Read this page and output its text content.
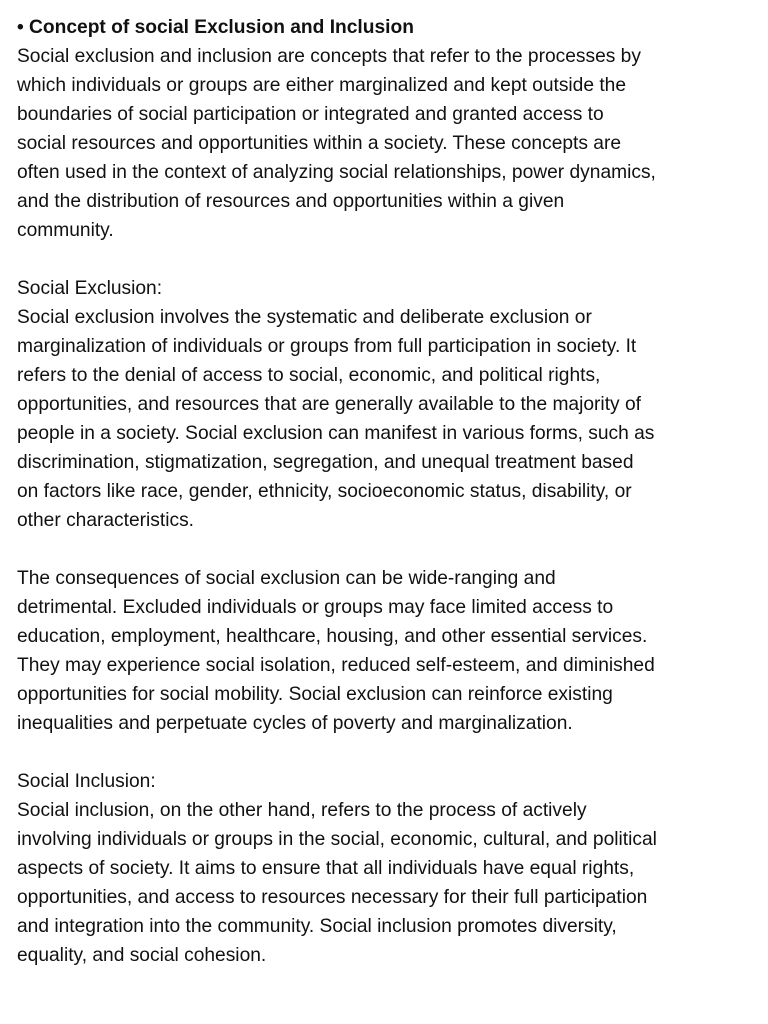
• Concept of social Exclusion and Inclusion
Social exclusion and inclusion are concepts that refer to the processes by
which individuals or groups are either marginalized and kept outside the
boundaries of social participation or integrated and granted access to
social resources and opportunities within a society. These concepts are
often used in the context of analyzing social relationships, power dynamics,
and the distribution of resources and opportunities within a given
community.
Social Exclusion:
Social exclusion involves the systematic and deliberate exclusion or
marginalization of individuals or groups from full participation in society. It
refers to the denial of access to social, economic, and political rights,
opportunities, and resources that are generally available to the majority of
people in a society. Social exclusion can manifest in various forms, such as
discrimination, stigmatization, segregation, and unequal treatment based
on factors like race, gender, ethnicity, socioeconomic status, disability, or
other characteristics.
The consequences of social exclusion can be wide-ranging and
detrimental. Excluded individuals or groups may face limited access to
education, employment, healthcare, housing, and other essential services.
They may experience social isolation, reduced self-esteem, and diminished
opportunities for social mobility. Social exclusion can reinforce existing
inequalities and perpetuate cycles of poverty and marginalization.
Social Inclusion:
Social inclusion, on the other hand, refers to the process of actively
involving individuals or groups in the social, economic, cultural, and political
aspects of society. It aims to ensure that all individuals have equal rights,
opportunities, and access to resources necessary for their full participation
and integration into the community. Social inclusion promotes diversity,
equality, and social cohesion.
